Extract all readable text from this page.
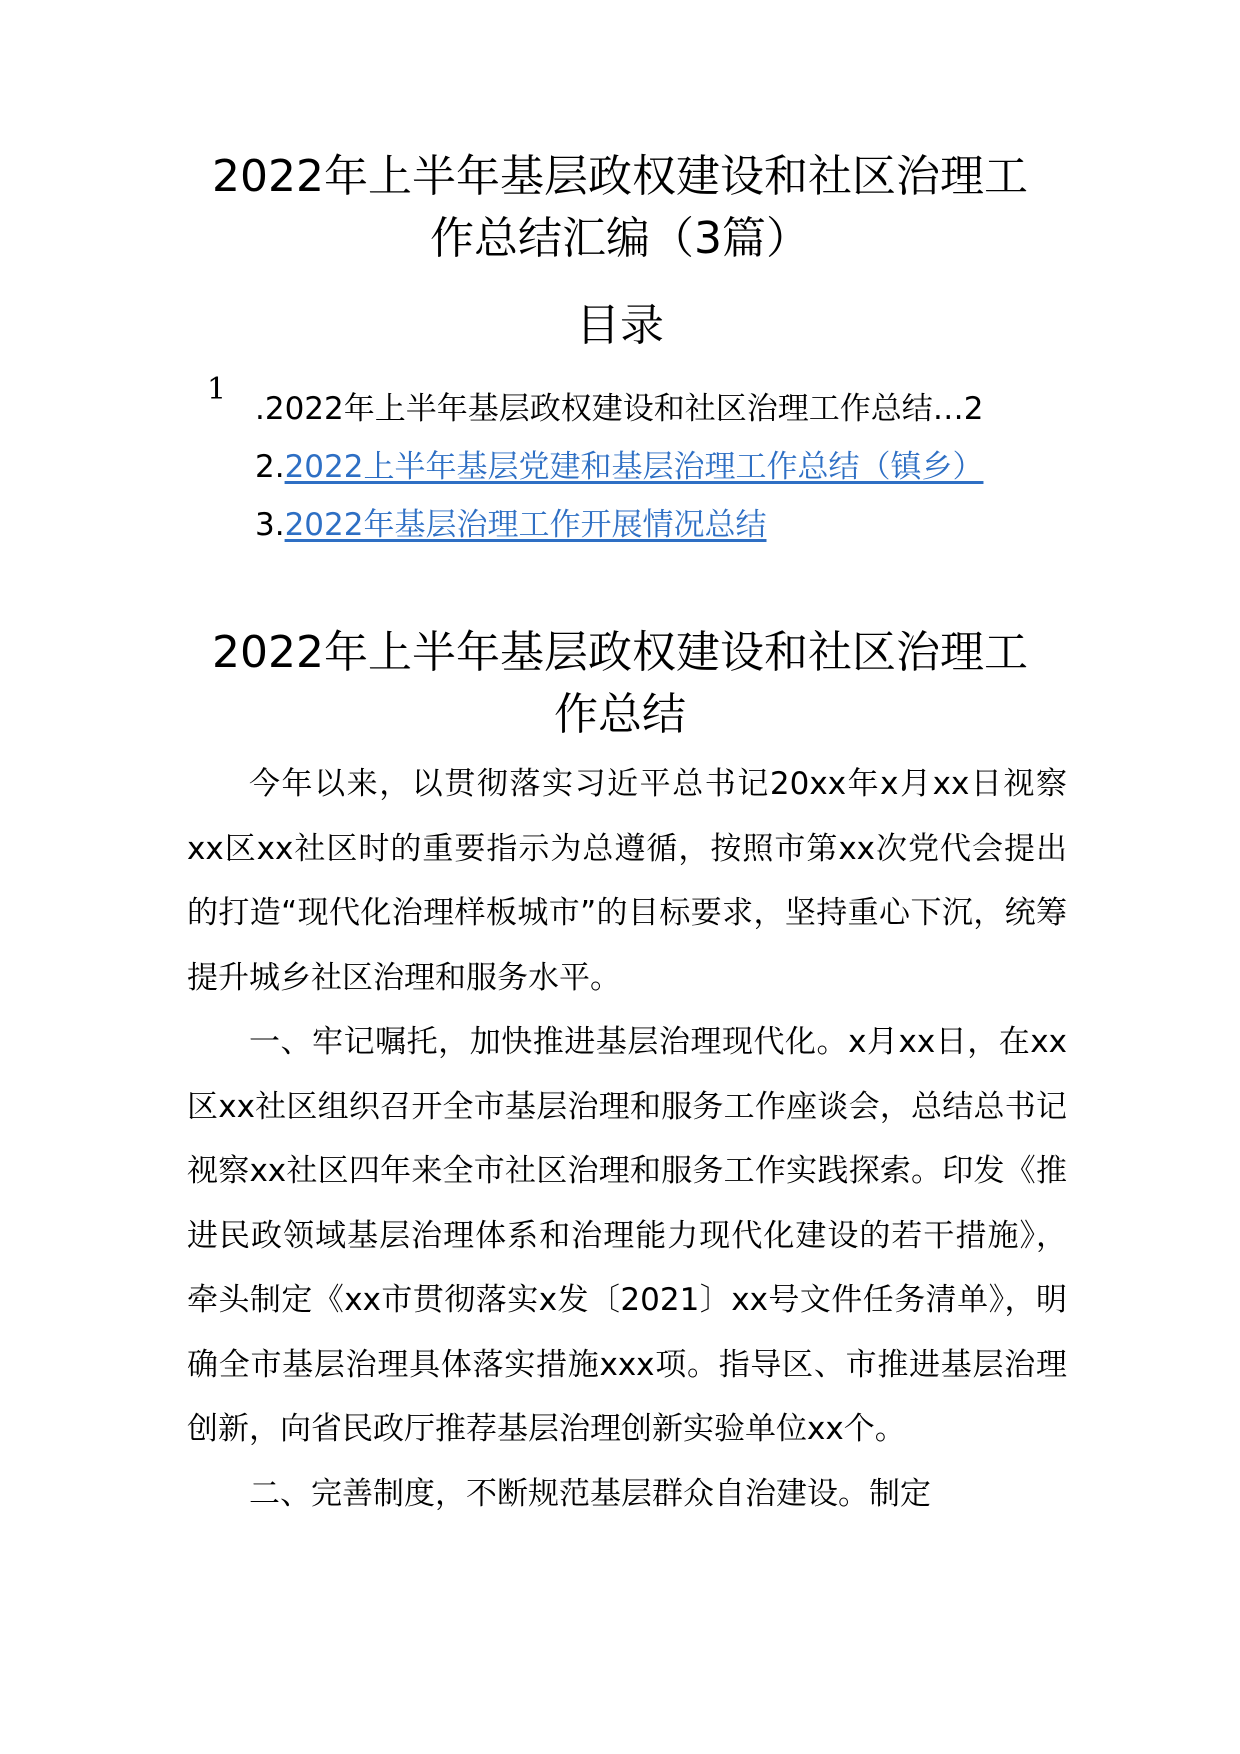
2022年上半年基层政权建设和社区治理工
作总结汇编（3篇）
目录
1
.2022年上半年基层政权建设和社区治理工作总结…2
2.2022上半年基层党建和基层治理工作总结（镇乡）
3.2022年基层治理工作开展情况总结
2022年上半年基层政权建设和社区治理工
作总结

今年以来，以贯彻落实习近平总书记20xx年x月xx日视察xx区xx社区时的重要指示为总遵循，按照市第xx次党代会提出的打造“现代化治理样板城市”的目标要求，坚持重心下沉，统筹提升城乡社区治理和服务水平。

一、牢记嘱托，加快推进基层治理现代化。x月xx日，在xx区xx社区组织召开全市基层治理和服务工作座谈会，总结总书记视察xx社区四年来全市社区治理和服务工作实践探索。印发《推进民政领域基层治理体系和治理能力现代化建设的若干措施》，牵头制定《xx市贯彻落实x发〔2021〕xx号文件任务清单》，明确全市基层治理具体落实措施xxx项。指导区、市推进基层治理创新，向省民政厅推荐基层治理创新实验单位xx个。

二、完善制度，不断规范基层群众自治建设。制定
